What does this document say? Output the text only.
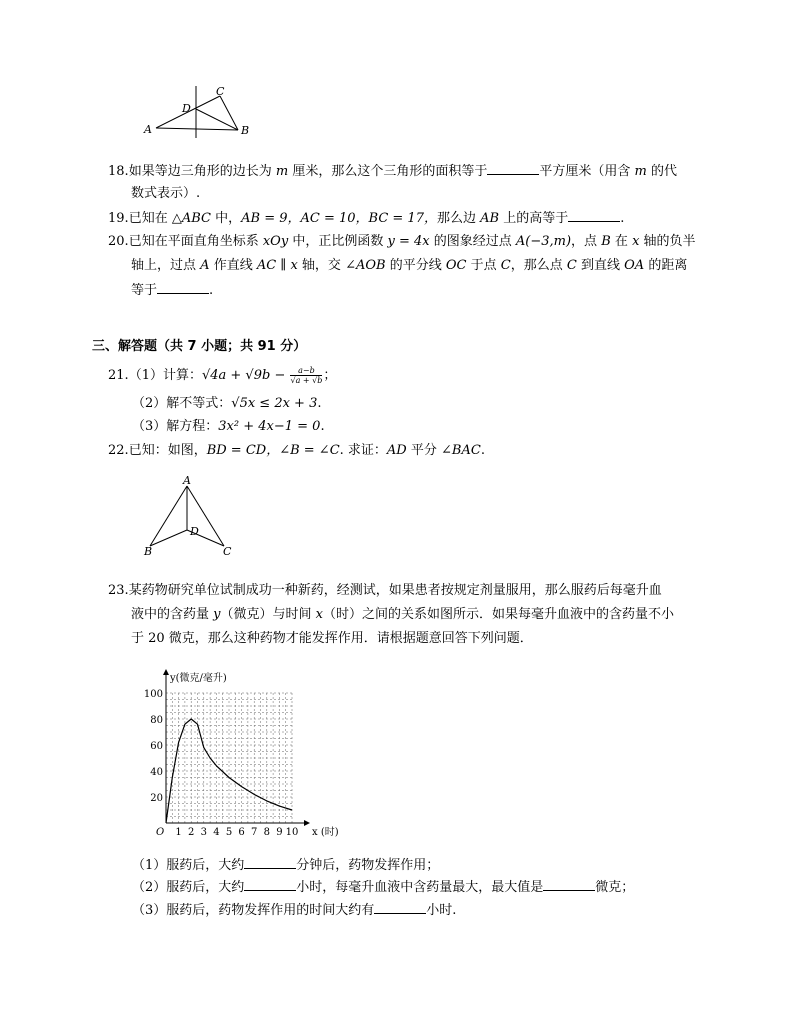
A	B
C
D
18.如果等边三角形的边长为 m 厘米，那么这个三角形的面积等于	平方厘米（用含 m 的代
数式表示）.
19.已知在 △ABC 中，AB = 9，AC = 10，BC = 17，那么边 AB 上的高等于	.
20.已知在平面直角坐标系 xOy 中，正比例函数 y = 4x 的图象经过点 A(−3,m)，点 B 在 x 轴的负半
轴上，过点 A 作直线 AC ∥ x 轴，交 ∠AOB 的平分线 OC 于点 C，那么点 C 到直线 OA 的距离
等于	.
三、解答题（共 7 小题；共 91 分）
21.（1）计算：$√4a + √9b - \frac{a-b}{√a + √b}$ ；
（2）解不等式：√5x ≤ 2x + 3.
（3）解方程：3x² + 4x−1 = 0.
22.已知：如图，BD = CD，∠B = ∠C. 求证：AD 平分 ∠BAC.
A
B	C
D
23.某药物研究单位试制成功一种新药，经测试，如果患者按规定剂量服用，那么服药后每毫升血
液中的含药量 y（微克）与时间 x（时）之间的关系如图所示．如果每毫升血液中的含药量不小
于 20 微克，那么这种药物才能发挥作用．请根据题意回答下列问题．
1 2 3 4 5 6 7 8 9 10
20
40
60
80
100
O
y(微克/毫升)
x (时)
（1）服药后，大约	分钟后，药物发挥作用；
（2）服药后，大约	小时，每毫升血液中含药量最大，最大值是	微克；
（3）服药后，药物发挥作用的时间大约有	小时.
